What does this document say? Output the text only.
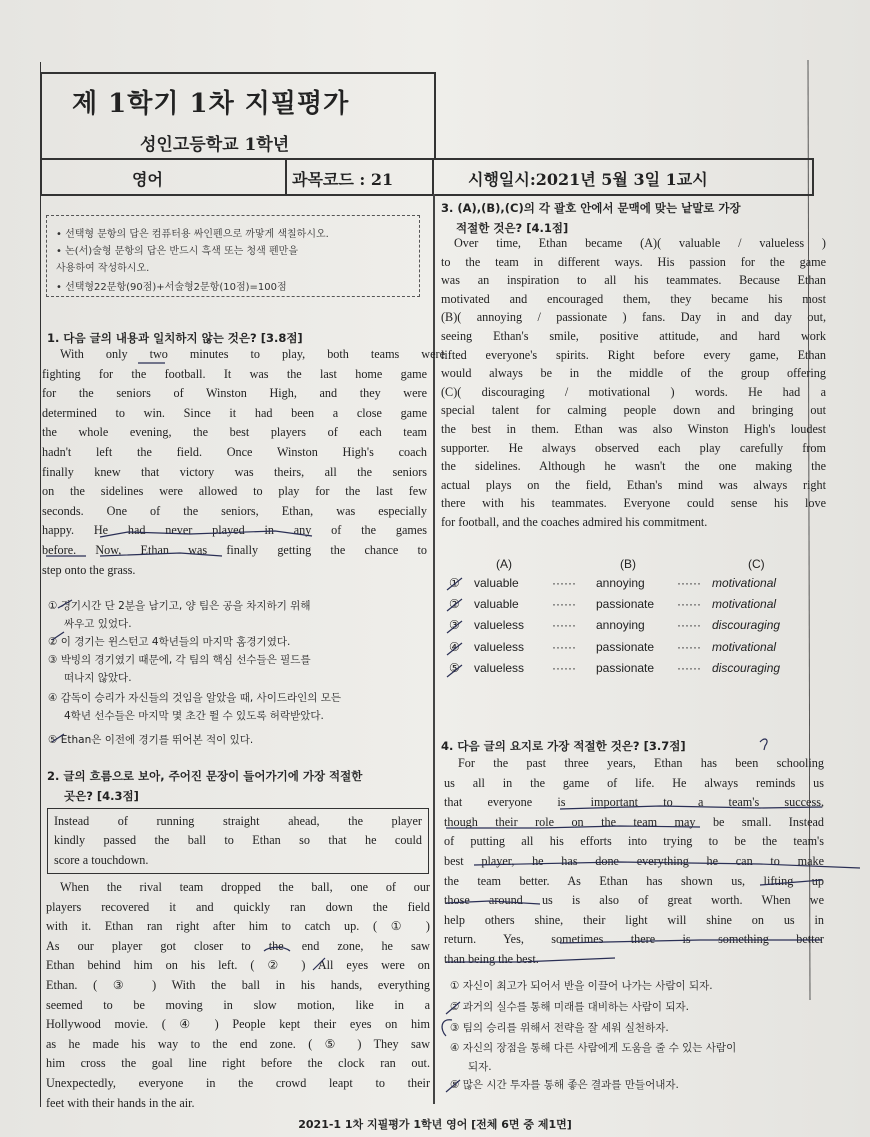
제 1학기 1차 지필평가
성인고등학교 1학년
영어	과목코드 : 21	시행일시:2021년 5월 3일 1교시
• 선택형 문항의 답은 컴퓨터용 싸인펜으로 까맣게 색칠하시오.
• 논(서)술형 문항의 답은 반드시 흑색 또는 청색 펜만을
사용하여 작성하시오.
• 선택형22문항(90점)+서술형2문항(10점)=100점
1. 다음 글의 내용과 일치하지 않는 것은? [3.8점]
With only two minutes to play, both teams were
fighting for the football. It was the last home game
for the seniors of Winston High, and they were
determined to win. Since it had been a close game
the whole evening, the best players of each team
hadn't left the field. Once Winston High's coach
finally knew that victory was theirs, all the seniors
on the sidelines were allowed to play for the last few
seconds. One of the seniors, Ethan, was especially
happy. He had never played in any of the games
before. Now, Ethan was finally getting the chance to
step onto the grass.
① 경기시간 단 2분을 남기고, 양 팀은 공을 차지하기 위해
싸우고 있었다.
② 이 경기는 윈스턴고 4학년들의 마지막 홈경기였다.
③ 박빙의 경기였기 때문에, 각 팀의 핵심 선수들은 필드를
떠나지 않았다.
④ 감독이 승리가 자신들의 것임을 알았을 때, 사이드라인의 모든
4학년 선수들은 마지막 몇 초간 뛸 수 있도록 허락받았다.
⑤ Ethan은 이전에 경기를 뛰어본 적이 있다.
2. 글의 흐름으로 보아, 주어진 문장이 들어가기에 가장 적절한
곳은? [4.3점]
Instead of running straight ahead, the player
kindly passed the ball to Ethan so that he could
score a touchdown.
When the rival team dropped the ball, one of our
players recovered it and quickly ran down the field
with it. Ethan ran right after him to catch up. ( ① )
As our player got closer to the end zone, he saw
Ethan behind him on his left. ( ② ) All eyes were on
Ethan. ( ③ ) With the ball in his hands, everything
seemed to be moving in slow motion, like in a
Hollywood movie. ( ④ ) People kept their eyes on him
as he made his way to the end zone. ( ⑤ ) They saw
him cross the goal line right before the clock ran out.
Unexpectedly, everyone in the crowd leapt to their
feet with their hands in the air.
3. (A),(B),(C)의 각 괄호 안에서 문맥에 맞는 낱말로 가장
적절한 것은? [4.1점]
Over time, Ethan became (A)( valuable / valueless )
to the team in different ways. His passion for the game
was an inspiration to all his teammates. Because Ethan
motivated and encouraged them, they became his most
(B)( annoying / passionate ) fans. Day in and day out,
seeing Ethan's smile, positive attitude, and hard work
lifted everyone's spirits. Right before every game, Ethan
would always be in the middle of the group offering
(C)( discouraging / motivational ) words. He had a
special talent for calming people down and bringing out
the best in them. Ethan was also Winston High's loudest
supporter. He always observed each play carefully from
the sidelines. Although he wasn't the one making the
actual plays on the field, Ethan's mind was always right
there with his teammates. Everyone could sense his love
for football, and the coaches admired his commitment.
(A)	(B)	(C)
① valuable	······ annoying	······ motivational
② valuable	······ passionate ······ motivational
③ valueless ······ annoying	······ discouraging
④ valueless ······ passionate ······ motivational
⑤ valueless ······ passionate ······ discouraging
4. 다음 글의 요지로 가장 적절한 것은? [3.7점]
For the past three years, Ethan has been schooling
us all in the game of life. He always reminds us
that everyone is important to a team's success,
though their role on the team may be small. Instead
of putting all his efforts into trying to be the team's
best player, he has done everything he can to make
the team better. As Ethan has shown us, lifting up
those around us is also of great worth. When we
help others shine, their light will shine on us in
return. Yes, sometimes there is something better
than being the best.
① 자신이 최고가 되어서 반을 이끌어 나가는 사람이 되자.
② 과거의 실수를 통해 미래를 대비하는 사람이 되자.
③ 팀의 승리를 위해서 전략을 잘 세워 실천하자.
④ 자신의 장점을 통해 다른 사람에게 도움을 줄 수 있는 사람이
되자.
⑤ 많은 시간 투자를 통해 좋은 결과를 만들어내자.
2021-1 1차 지필평가 1학년 영어 [전체 6면 중 제1면]
